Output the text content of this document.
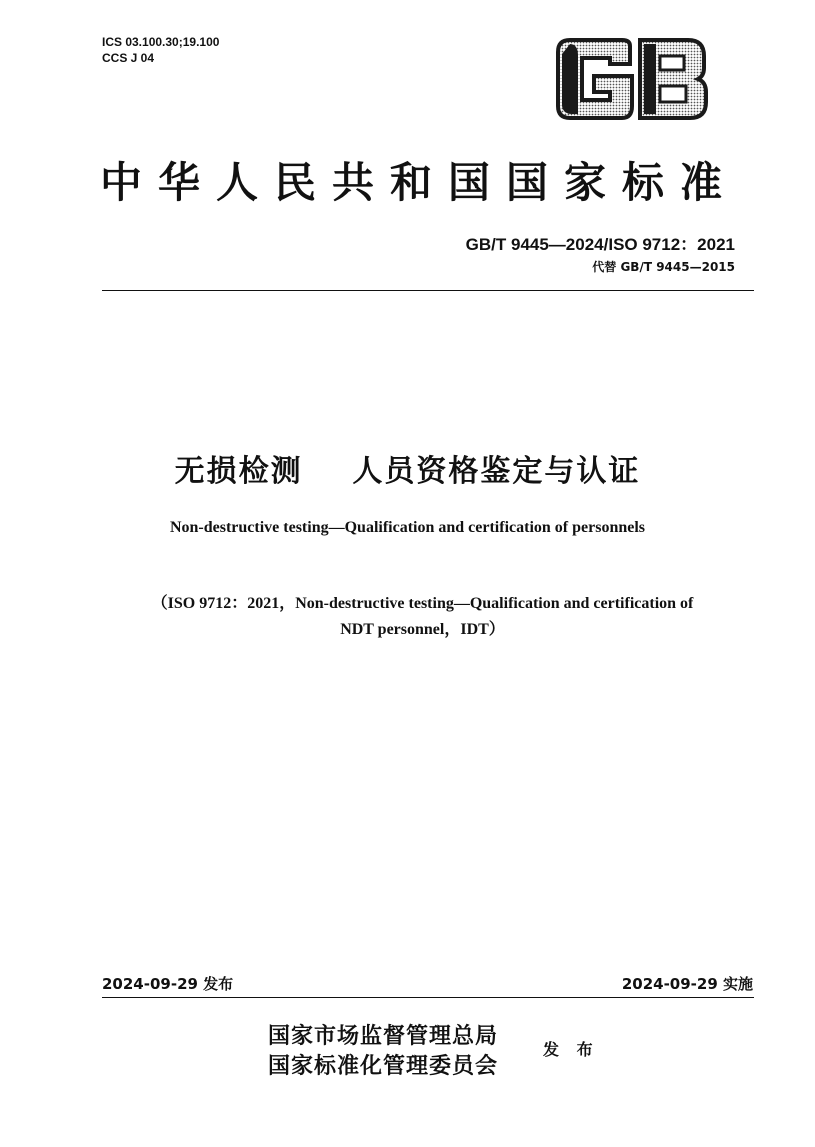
ICS 03.100.30;19.100
CCS J 04
中华人民共和国国家标准
GB/T 9445—2024/ISO 9712：2021
代替 GB/T 9445—2015
无损检测    人员资格鉴定与认证
Non-destructive testing—Qualification and certification of personnels
（ISO 9712：2021，Non-destructive testing—Qualification and certification of
NDT personnel，IDT）
2024-09-29 发布	2024-09-29 实施
国家市场监督管理总局
国家标准化管理委员会
发 布
